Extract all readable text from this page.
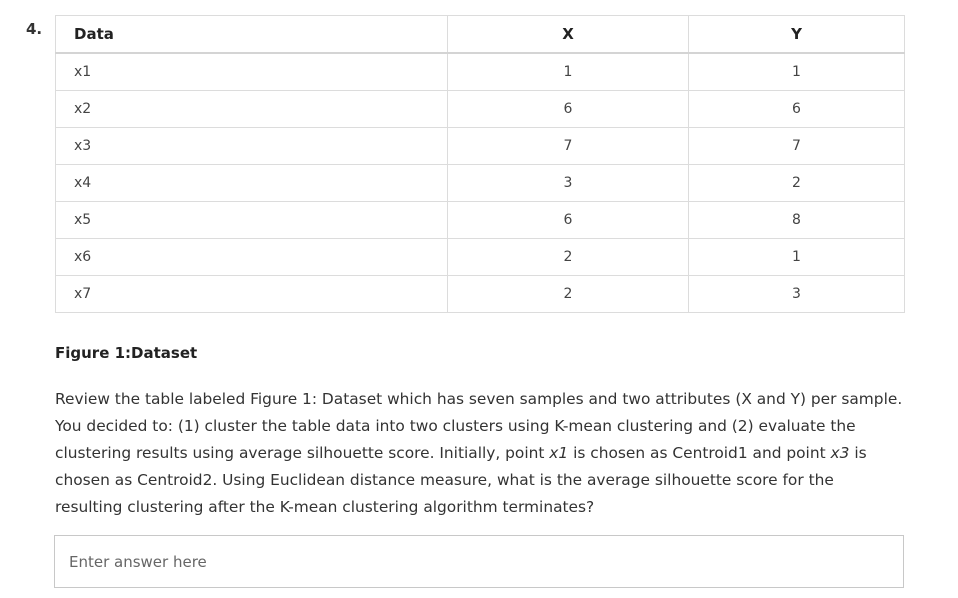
4. Data	X	Y
x1	1	1
x2	6	6
x3	7	7
x4	3	2
x5	6	8
x6	2	1
x7	2	3
Figure 1:Dataset

Review the table labeled Figure 1: Dataset which has seven samples and two attributes (X and Y) per sample. You decided to: (1) cluster the table data into two clusters using K-mean clustering and (2) evaluate the clustering results using average silhouette score. Initially, point x1 is chosen as Centroid1 and point x3 is chosen as Centroid2. Using Euclidean distance measure, what is the average silhouette score for the resulting clustering after the K-mean clustering algorithm terminates?

Enter answer here
